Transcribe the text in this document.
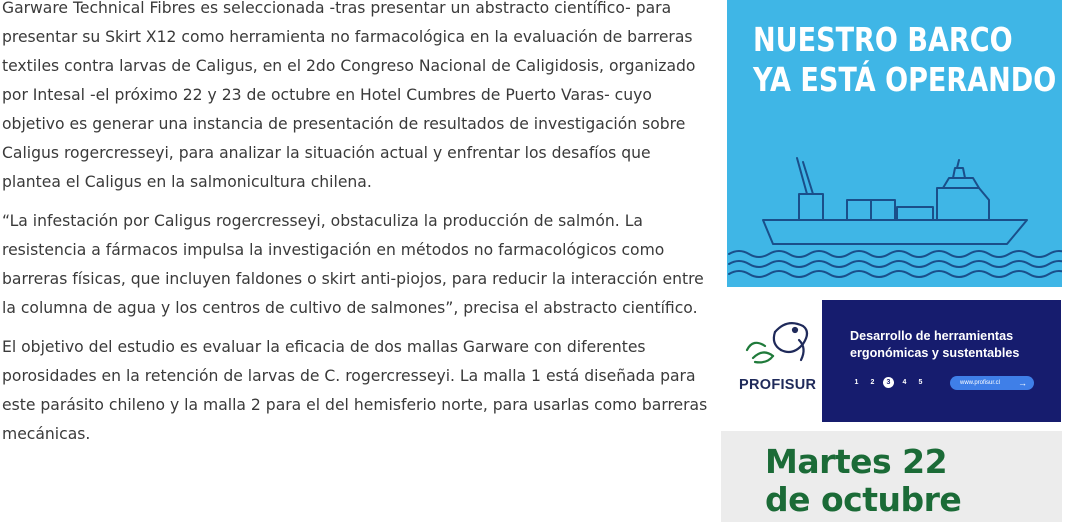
Garware Technical Fibres es seleccionada -tras presentar un abstracto científico- para presentar su Skirt X12 como herramienta no farmacológica en la evaluación de barreras textiles contra larvas de Caligus, en el 2do Congreso Nacional de Caligidosis, organizado por Intesal -el próximo 22 y 23 de octubre en Hotel Cumbres de Puerto Varas- cuyo objetivo es generar una instancia de presentación de resultados de investigación sobre Caligus rogercresseyi, para analizar la situación actual y enfrentar los desafíos que plantea el Caligus en la salmonicultura chilena.

“La infestación por Caligus rogercresseyi, obstaculiza la producción de salmón. La resistencia a fármacos impulsa la investigación en métodos no farmacológicos como barreras físicas, que incluyen faldones o skirt anti-piojos, para reducir la interacción entre la columna de agua y los centros de cultivo de salmones”, precisa el abstracto científico.

El objetivo del estudio es evaluar la eficacia de dos mallas Garware con diferentes porosidades en la retención de larvas de C. rogercresseyi. La malla 1 está diseñada para este parásito chileno y la malla 2 para el del hemisferio norte, para usarlas como barreras mecánicas.

NUESTRO BARCO
YA ESTÁ OPERANDO
PROFISUR
Desarrollo de herramientas
ergonómicas y sustentables
1	2	3	4	5	www.profisur.cl →
Martes 22
de octubre
